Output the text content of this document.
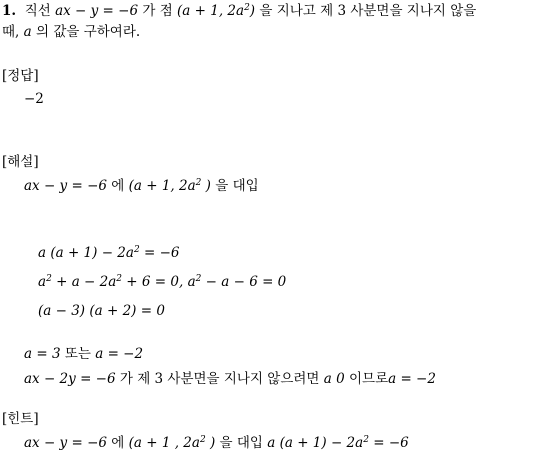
1. 직선 ax − y = −6 가 점 (a + 1, $2a^2$) 을 지나고 제 3 사분면을 지나지 않을
때, a 의 값을 구하여라.
[정답]
−2
[해설]
ax − y = −6 에 (a + 1, $2a^2$ ) 을 대입
a $(a + 1) - 2a^2 = -6$
$a^2 + a - 2a^2 + 6 = 0$, $a^2 - a - 6 = 0$
(a − 3) (a + 2) = 0
a = 3 또는 a = −2
ax − 2y = −6 가 제 3 사분면을 지나지 않으려면 a 0 이므로a = −2
[힌트]
ax − y = −6 에 (a + 1 , $2a^2$ ) 을 대입 a $(a + 1) - 2a^2 = -6$
